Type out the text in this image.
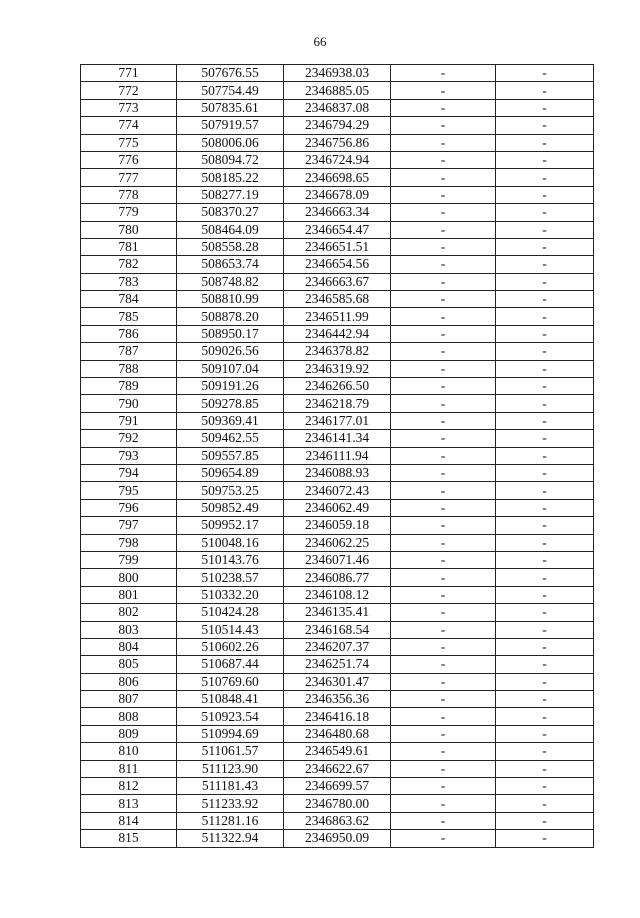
66
771	507676.55	2346938.03	-	-
772	507754.49	2346885.05	-	-
773	507835.61	2346837.08	-	-
774	507919.57	2346794.29	-	-
775	508006.06	2346756.86	-	-
776	508094.72	2346724.94	-	-
777	508185.22	2346698.65	-	-
778	508277.19	2346678.09	-	-
779	508370.27	2346663.34	-	-
780	508464.09	2346654.47	-	-
781	508558.28	2346651.51	-	-
782	508653.74	2346654.56	-	-
783	508748.82	2346663.67	-	-
784	508810.99	2346585.68	-	-
785	508878.20	2346511.99	-	-
786	508950.17	2346442.94	-	-
787	509026.56	2346378.82	-	-
788	509107.04	2346319.92	-	-
789	509191.26	2346266.50	-	-
790	509278.85	2346218.79	-	-
791	509369.41	2346177.01	-	-
792	509462.55	2346141.34	-	-
793	509557.85	2346111.94	-	-
794	509654.89	2346088.93	-	-
795	509753.25	2346072.43	-	-
796	509852.49	2346062.49	-	-
797	509952.17	2346059.18	-	-
798	510048.16	2346062.25	-	-
799	510143.76	2346071.46	-	-
800	510238.57	2346086.77	-	-
801	510332.20	2346108.12	-	-
802	510424.28	2346135.41	-	-
803	510514.43	2346168.54	-	-
804	510602.26	2346207.37	-	-
805	510687.44	2346251.74	-	-
806	510769.60	2346301.47	-	-
807	510848.41	2346356.36	-	-
808	510923.54	2346416.18	-	-
809	510994.69	2346480.68	-	-
810	511061.57	2346549.61	-	-
811	511123.90	2346622.67	-	-
812	511181.43	2346699.57	-	-
813	511233.92	2346780.00	-	-
814	511281.16	2346863.62	-	-
815	511322.94	2346950.09	-	-
